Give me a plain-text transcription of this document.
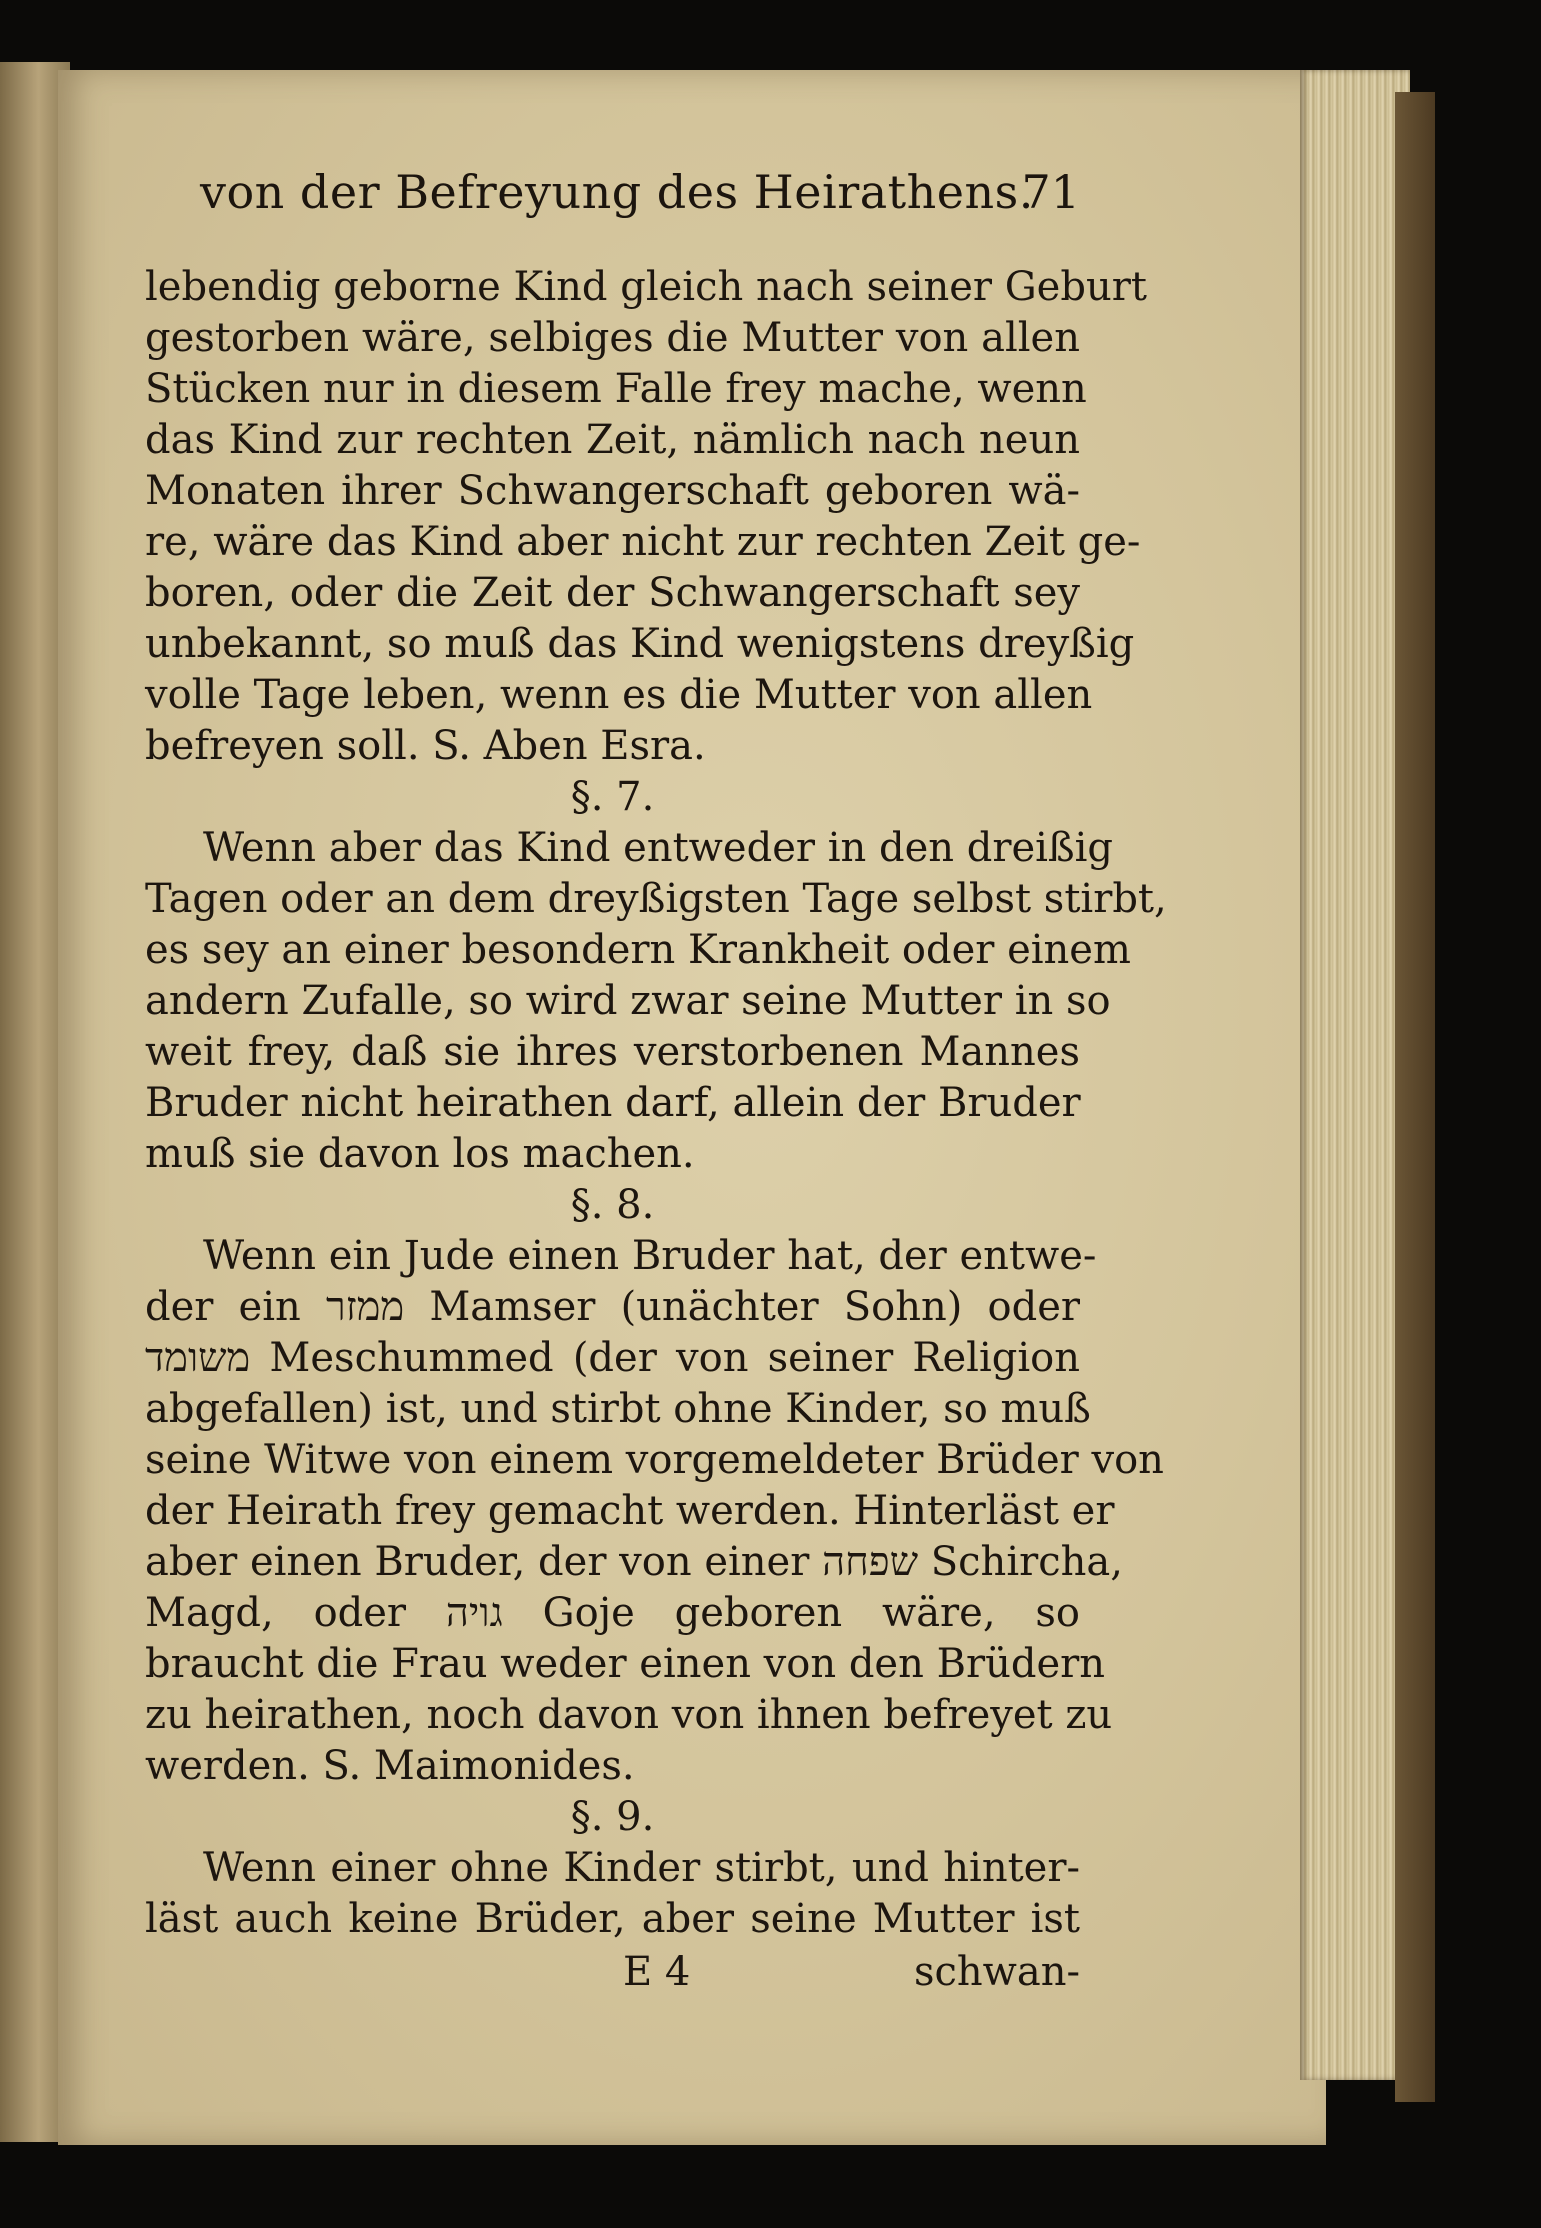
von der Befreyung des Heirathens.
71
lebendig geborne Kind gleich nach seiner Geburt
gestorben wäre, selbiges die Mutter von allen
Stücken nur in diesem Falle frey mache, wenn
das Kind zur rechten Zeit, nämlich nach neun
Monaten ihrer Schwangerschaft geboren wä-
re, wäre das Kind aber nicht zur rechten Zeit ge-
boren, oder die Zeit der Schwangerschaft sey
unbekannt, so muß das Kind wenigstens dreyßig
volle Tage leben, wenn es die Mutter von allen
befreyen soll. S. Aben Esra.
§. 7.
Wenn aber das Kind entweder in den dreißig
Tagen oder an dem dreyßigsten Tage selbst stirbt,
es sey an einer besondern Krankheit oder einem
andern Zufalle, so wird zwar seine Mutter in so
weit frey, daß sie ihres verstorbenen Mannes
Bruder nicht heirathen darf, allein der Bruder
muß sie davon los machen.
§. 8.
Wenn ein Jude einen Bruder hat, der entwe-
der ein ממזר Mamser (unächter Sohn) oder
משומד Meschummed (der von seiner Religion
abgefallen) ist, und stirbt ohne Kinder, so muß
seine Witwe von einem vorgemeldeter Brüder von
der Heirath frey gemacht werden. Hinterläst er
aber einen Bruder, der von einer שפחה Schircha,
Magd, oder גויה Goje geboren wäre, so
braucht die Frau weder einen von den Brüdern
zu heirathen, noch davon von ihnen befreyet zu
werden. S. Maimonides.
§. 9.
Wenn einer ohne Kinder stirbt, und hinter-
läst auch keine Brüder, aber seine Mutter ist
E 4	schwan-
